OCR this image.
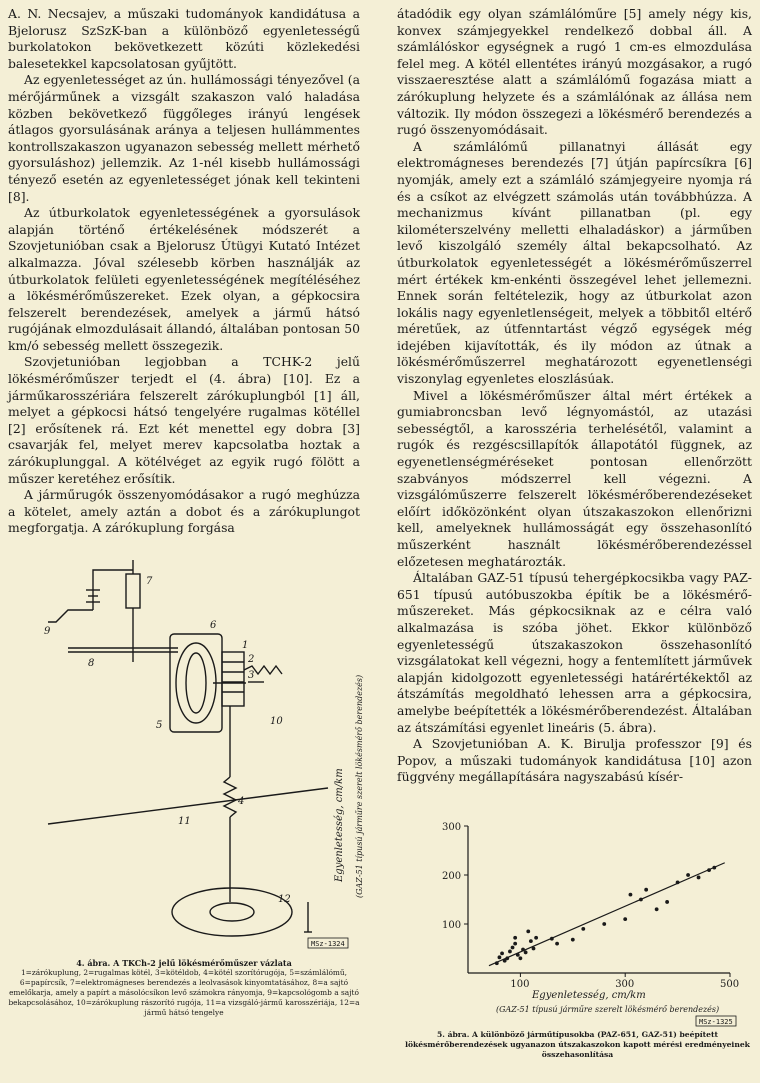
A. N. Necsajev, a műszaki tudományok kandidátusa a Bjelorusz SzSzK-ban a különböző egyenletességű burkolatokon bekövetkezett közúti közlekedési balesetekkel kapcsolatosan gyűjtött.

Az egyenletességet az ún. hullámossági tényezővel (a mérőjárműnek a vizsgált szakaszon való haladása közben bekövetkező függőleges irányú lengések átlagos gyorsulásának aránya a teljesen hullámmentes kontrollszakaszon ugyanazon sebesség mellett mérhető gyorsuláshoz) jellemzik. Az 1-nél kisebb hullámossági tényező esetén az egyenletességet jónak kell tekinteni [8].

Az útburkolatok egyenletességének a gyorsulások alapján történő értékelésének módszerét a Szovjetunióban csak a Bjelorusz Útügyi Kutató Intézet alkalmazza. Jóval szélesebb körben használják az útburkolatok felületi egyenletességének megítéléséhez a lökésmérőműszereket. Ezek olyan, a gépkocsira felszerelt berendezések, amelyek a jármű hátsó rugójának elmozdulásait állandó, általában pontosan 50 km/ó sebesség mellett összegezik.

Szovjetunióban legjobban a TCHK-2 jelű lökésmérőműszer terjedt el (4. ábra) [10]. Ez a járműkarosszériára felszerelt zárókuplungból [1] áll, melyet a gépkocsi hátsó tengelyére rugalmas kötéllel [2] erősítenek rá. Ezt két menettel egy dobra [3] csavarják fel, melyet merev kapcsolatba hoztak a zárókuplunggal. A kötélvéget az egyik rugó fölött a műszer keretéhez erősítik.

A járműrugók összenyomódásakor a rugó meghúzza a kötelet, amely aztán a dobot és a zárókuplungot megforgatja. A zárókuplung forgása

átadódik egy olyan számlálóműre [5] amely négy kis, konvex számjegyekkel rendelkező dobbal áll. A számlálóskor egységnek a rugó 1 cm-es elmozdulása felel meg. A kötél ellentétes irányú mozgásakor, a rugó visszaeresztése alatt a számlálómű fogazása miatt a zárókuplung helyzete és a számlálónak az állása nem változik. Ily módon összegezi a lökésmérő berendezés a rugó összenyomódásait.

A számlálómű pillanatnyi állását egy elektromágneses berendezés [7] útján papírcsíkra [6] nyomják, amely ezt a számláló számjegyeire nyomja rá és a csíkot az elvégzett számolás után továbbhúzza. A mechanizmus kívánt pillanatban (pl. egy kilométerszelvény melletti elhaladáskor) a járműben levő kiszolgáló személy által bekapcsolható. Az útburkolatok egyenletességét a lökésmérőműszerrel mért értékek km-enkénti összegével lehet jellemezni. Ennek során feltételezik, hogy az útburkolat azon lokális nagy egyenletlenségeit, melyek a többitől eltérő méretűek, az útfenntartást végző egységek még idejében kijavították, és ily módon az útnak a lökésmérőműszerrel meghatározott egyenetlenségi viszonylag egyenletes eloszlásúak.

Mivel a lökésmérőműszer által mért értékek a gumiabroncsban levő légnyomástól, az utazási sebességtől, a karosszéria terhelésétől, valamint a rugók és rezgéscsillapítók állapotától függnek, az egyenetlenségméréseket pontosan ellenőrzött szabványos módszerrel kell végezni. A vizsgálóműszerre felszerelt lökésmérőberendezéseket előírt időközönként olyan útszakaszokon ellenőrizni kell, amelyeknek hullámosságát egy összehasonlító műszerként használt lökésmérőberendezéssel előzetesen meghatározták.

Általában GAZ-51 típusú tehergépkocsikba vagy PAZ-651 típusú autóbuszokba építik be a lökésmérő-műszereket. Más gépkocsiknak az e célra való alkalmazása is szóba jöhet. Ekkor különböző egyenletességű útszakaszokon összehasonlító vizsgálatokat kell végezni, hogy a fentemlített járművek alapján kidolgozott egyenletességi határértékektől az átszámítás megoldható lehessen arra a gépkocsira, amelybe beépítették a lökésmérőberendezést. Általában az átszámítási egyenlet lineáris (5. ábra).

A Szovjetunióban A. K. Birulja professzor [9] és Popov, a műszaki tudományok kandidátusa [10] azon függvény megállapítására nagyszabású kísér-

1
2
3
4
5
6
7
8
9
10
11
12
MSz-1324
4. ábra. A TKCh-2 jelű lökésmérőműszer vázlata
1=zárókuplung, 2=rugalmas kötél, 3=kötéldob, 4=kötél szorítórugója, 5=számlálómű, 6=papírcsík, 7=elektromágneses berendezés a leolvasások kinyomtatásához, 8=a sajtó emelőkarja, amely a papírt a másolócsíkon levő számokra rányomja, 9=kapcsológomb a sajtó bekapcsolásához, 10=zárókuplung rászorító rugója, 11=a vizsgáló-jármű karosszériája, 12=a jármű hátsó tengelye
100	300	500
100
200
300
Egyenletesség, cm/km (GAZ-51 típusú járműre szerelt lökésmérő berendezés)
Egyenletesség, cm/km
(GAZ-51 típusú járműre szerelt lökésmérő berendezés)
MSz-1325
5. ábra. A különböző járműtípusokba (PAZ-651, GAZ-51) beépített lökésmérőberendezések ugyanazon útszakaszokon kapott mérési eredményeinek összehasonlítása
